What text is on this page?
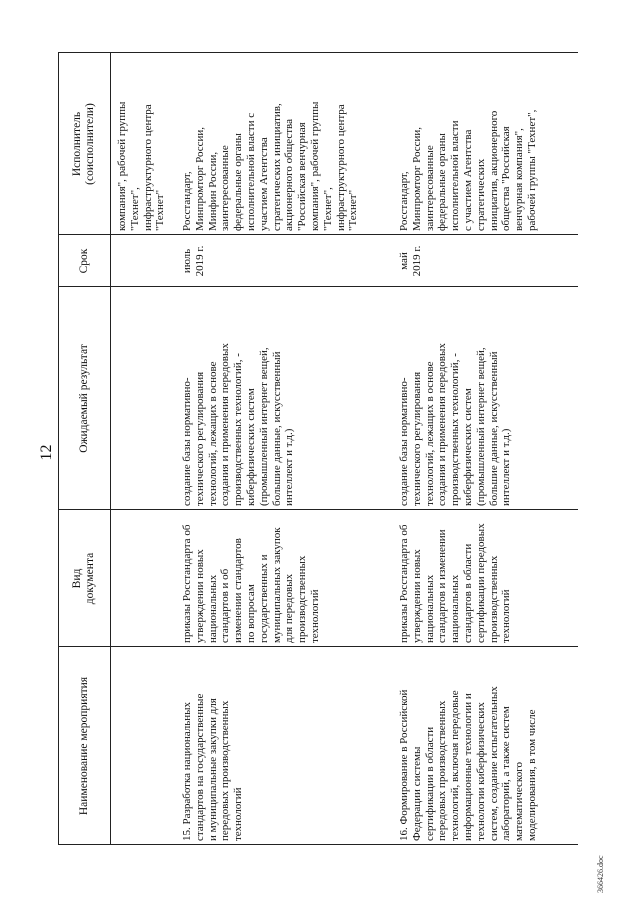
12
Наименование мероприятия
Вид
документа
Ожидаемый результат
Срок
Исполнитель
(соисполнители)
компания", рабочей группы
"Технет",
инфраструктурного центра
"Технет"
15. Разработка национальных
стандартов на государственные
и муниципальные закупки для
передовых производственных
технологий
приказы Росстандарта об
утверждении новых
национальных
стандартов и об
изменении стандартов
по вопросам
государственных и
муниципальных закупок
для передовых
производственных
технологий
создание базы нормативно-
технического регулирования
технологий, лежащих в основе
создания и применения передовых
производственных технологий, -
киберфизических систем
(промышленный интернет вещей,
большие данные, искусственный
интеллект и т.д.)
июль
2019 г.
Росстандарт,
Минпромторг России,
Минфин России,
заинтересованные
федеральные органы
исполнительной власти с
участием Агентства
стратегических инициатив,
акционерного общества
"Российская венчурная
компания", рабочей группы
"Технет",
инфраструктурного центра
"Технет"
16. Формирование в Российской
Федерации системы
сертификации в области
передовых производственных
технологий, включая передовые
информационные технологии и
технологии киберфизических
систем, создание испытательных
лабораторий, а также систем
математического
моделирования, в том числе
приказы Росстандарта об
утверждении новых
национальных
стандартов и изменении
национальных
стандартов в области
сертификации передовых
производственных
технологий
создание базы нормативно-
технического регулирования
технологий, лежащих в основе
создания и применения передовых
производственных технологий, -
киберфизических систем
(промышленный интернет вещей,
большие данные, искусственный
интеллект и т.д.)
май
2019 г.
Росстандарт,
Минпромторг России,
заинтересованные
федеральные органы
исполнительной власти
с участием Агентства
стратегических
инициатив, акционерного
общества "Российская
венчурная компания",
рабочей группы "Технет",
366426.doc
